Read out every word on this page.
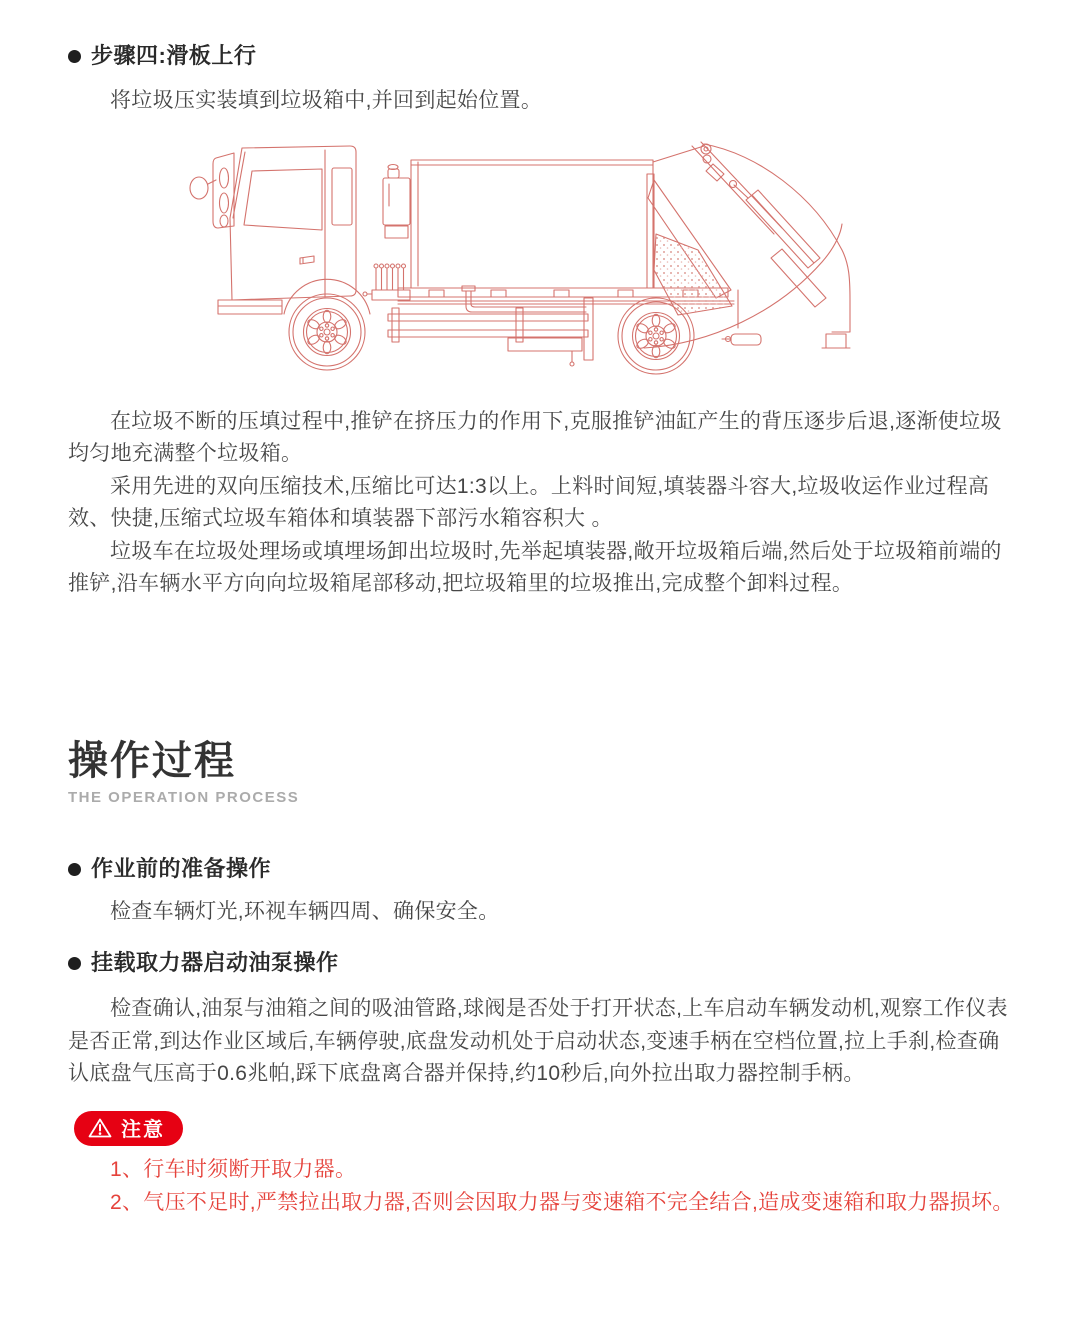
步骤四:滑板上行

将垃圾压实装填到垃圾箱中,并回到起始位置。

在垃圾不断的压填过程中,推铲在挤压力的作用下,克服推铲油缸产生的背压逐步后退,逐渐使垃圾均匀地充满整个垃圾箱。

采用先进的双向压缩技术,压缩比可达1:3以上。上料时间短,填装器斗容大,垃圾收运作业过程高效、快捷,压缩式垃圾车箱体和填装器下部污水箱容积大 。

垃圾车在垃圾处理场或填埋场卸出垃圾时,先举起填装器,敞开垃圾箱后端,然后处于垃圾箱前端的推铲,沿车辆水平方向向垃圾箱尾部移动,把垃圾箱里的垃圾推出,完成整个卸料过程。

操作过程
THE OPERATION PROCESS
作业前的准备操作

检查车辆灯光,环视车辆四周、确保安全。

挂载取力器启动油泵操作

检查确认,油泵与油箱之间的吸油管路,球阀是否处于打开状态,上车启动车辆发动机,观察工作仪表是否正常,到达作业区域后,车辆停驶,底盘发动机处于启动状态,变速手柄在空档位置,拉上手刹,检查确认底盘气压高于0.6兆帕,踩下底盘离合器并保持,约10秒后,向外拉出取力器控制手柄。

注意

1、行车时须断开取力器。

2、气压不足时,严禁拉出取力器,否则会因取力器与变速箱不完全结合,造成变速箱和取力器损坏。
